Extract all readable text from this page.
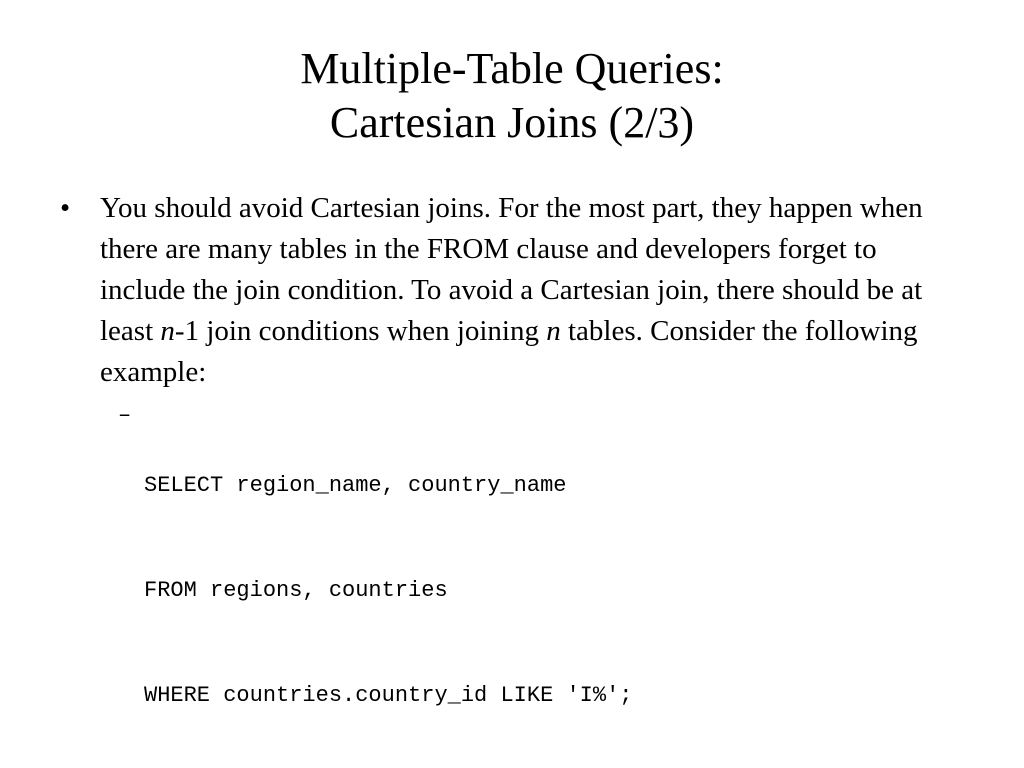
Multiple-Table Queries:
Cartesian Joins (2/3)
•	You should avoid Cartesian joins. For the most part, they happen when there are many tables in the FROM clause and developers forget to include the join condition. To avoid a Cartesian join, there should be at least n-1 join conditions when joining n tables. Consider the following example:
–

SELECT region_name, country_name

FROM regions, countries

WHERE countries.country_id LIKE 'I%';
